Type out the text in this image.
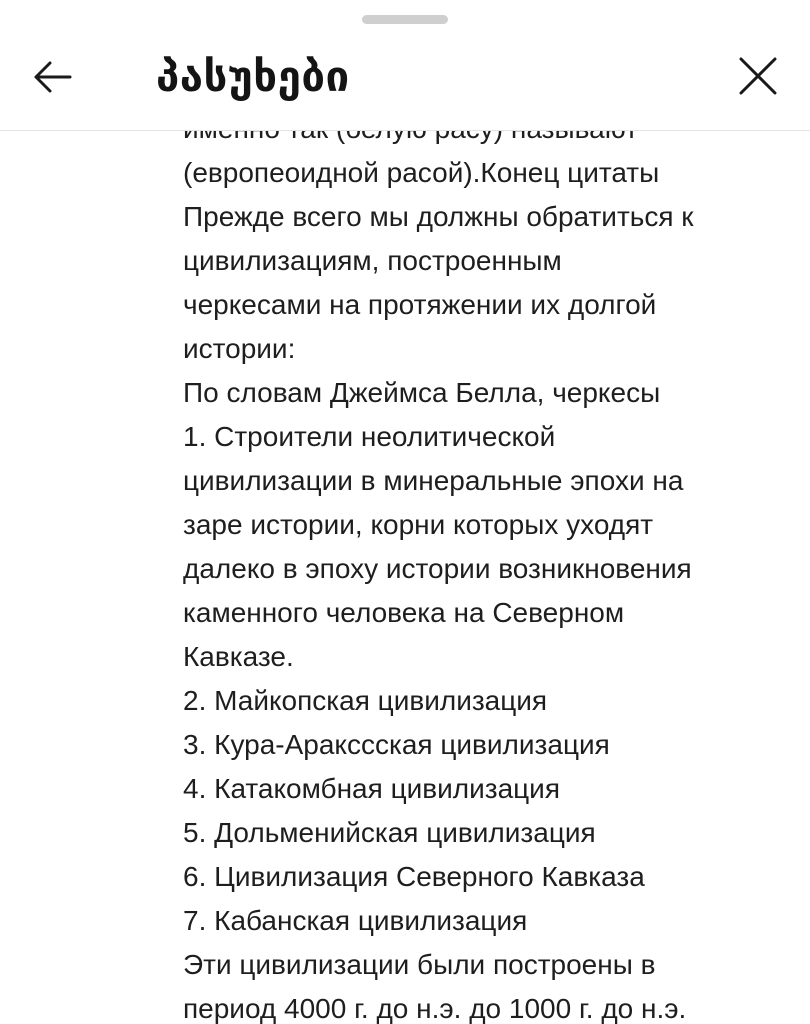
(европеоидной расой).Конец цитаты
Прежде всего мы должны обратиться к
цивилизациям, построенным
черкесами на протяжении их долгой
истории:
По словам Джеймса Белла, черкесы
1. Строители неолитической
цивилизации в минеральные эпохи на
заре истории, корни которых уходят
далеко в эпоху истории возникновения
каменного человека на Северном
Кавказе.
2. Майкопская цивилизация
3. Кура-Аракссская цивилизация
4. Катакомбная цивилизация
5. Дольменийская цивилизация
6. Цивилизация Северного Кавказа
7. Кабанская цивилизация
Эти цивилизации были построены в
период 4000 г. до н.э. до 1000 г. до н.э.
პასუხები
